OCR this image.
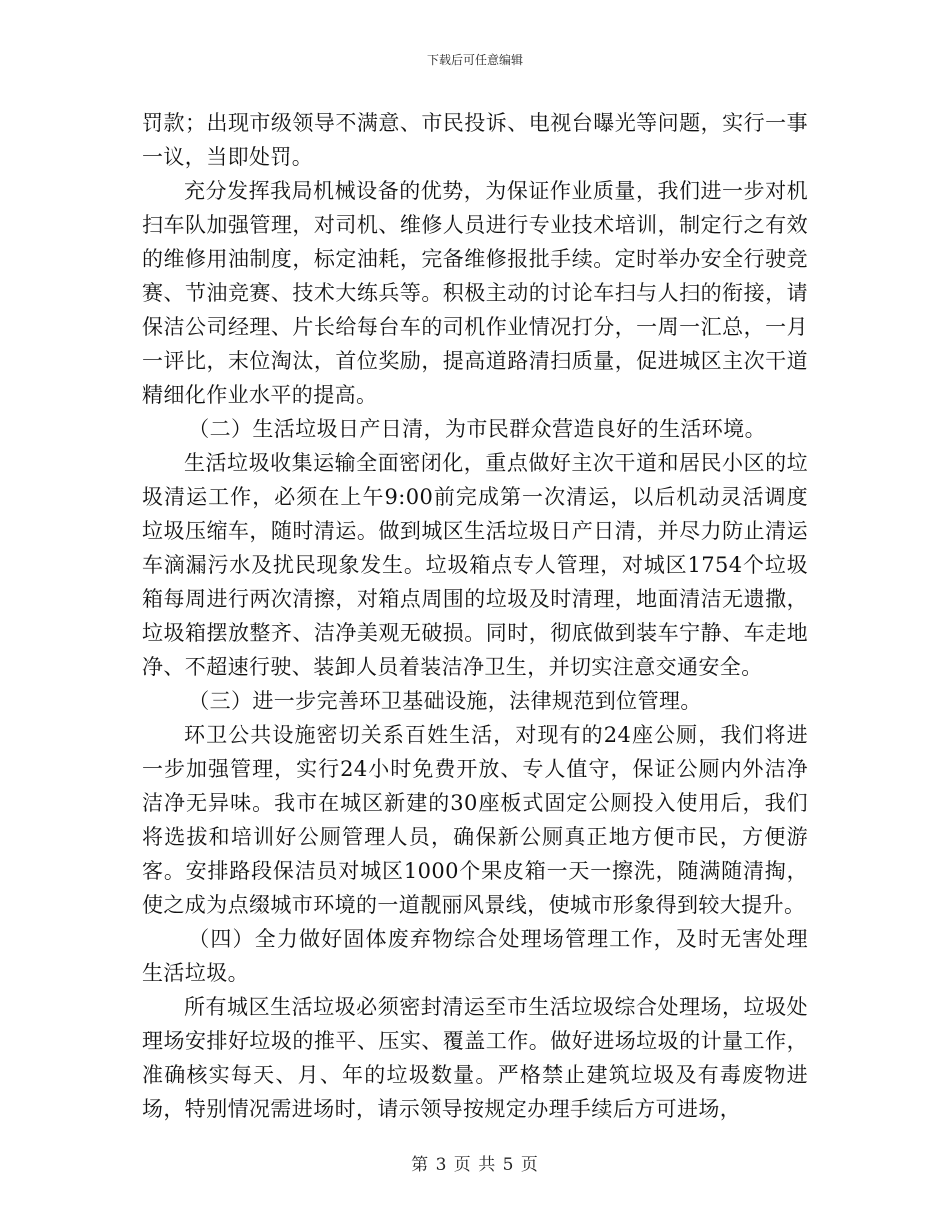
下载后可任意编辑

罚款；出现市级领导不满意、市民投诉、电视台曝光等问题，实行一事一议，当即处罚。

充分发挥我局机械设备的优势，为保证作业质量，我们进一步对机扫车队加强管理，对司机、维修人员进行专业技术培训，制定行之有效的维修用油制度，标定油耗，完备维修报批手续。定时举办安全行驶竞赛、节油竞赛、技术大练兵等。积极主动的讨论车扫与人扫的衔接，请保洁公司经理、片长给每台车的司机作业情况打分，一周一汇总，一月一评比，末位淘汰，首位奖励，提高道路清扫质量，促进城区主次干道精细化作业水平的提高。

（二）生活垃圾日产日清，为市民群众营造良好的生活环境。

生活垃圾收集运输全面密闭化，重点做好主次干道和居民小区的垃圾清运工作，必须在上午9:00前完成第一次清运，以后机动灵活调度垃圾压缩车，随时清运。做到城区生活垃圾日产日清，并尽力防止清运车滴漏污水及扰民现象发生。垃圾箱点专人管理，对城区1754个垃圾箱每周进行两次清擦，对箱点周围的垃圾及时清理，地面清洁无遗撒，垃圾箱摆放整齐、洁净美观无破损。同时，彻底做到装车宁静、车走地净、不超速行驶、装卸人员着装洁净卫生，并切实注意交通安全。

（三）进一步完善环卫基础设施，法律规范到位管理。

环卫公共设施密切关系百姓生活，对现有的24座公厕，我们将进一步加强管理，实行24小时免费开放、专人值守，保证公厕内外洁净洁净无异味。我市在城区新建的30座板式固定公厕投入使用后，我们将选拔和培训好公厕管理人员，确保新公厕真正地方便市民，方便游客。安排路段保洁员对城区1000个果皮箱一天一擦洗，随满随清掏，使之成为点缀城市环境的一道靓丽风景线，使城市形象得到较大提升。

（四）全力做好固体废弃物综合处理场管理工作，及时无害处理生活垃圾。

所有城区生活垃圾必须密封清运至市生活垃圾综合处理场，垃圾处理场安排好垃圾的推平、压实、覆盖工作。做好进场垃圾的计量工作，准确核实每天、月、年的垃圾数量。严格禁止建筑垃圾及有毒废物进场，特别情况需进场时，请示领导按规定办理手续后方可进场，

第 3 页 共 5 页
